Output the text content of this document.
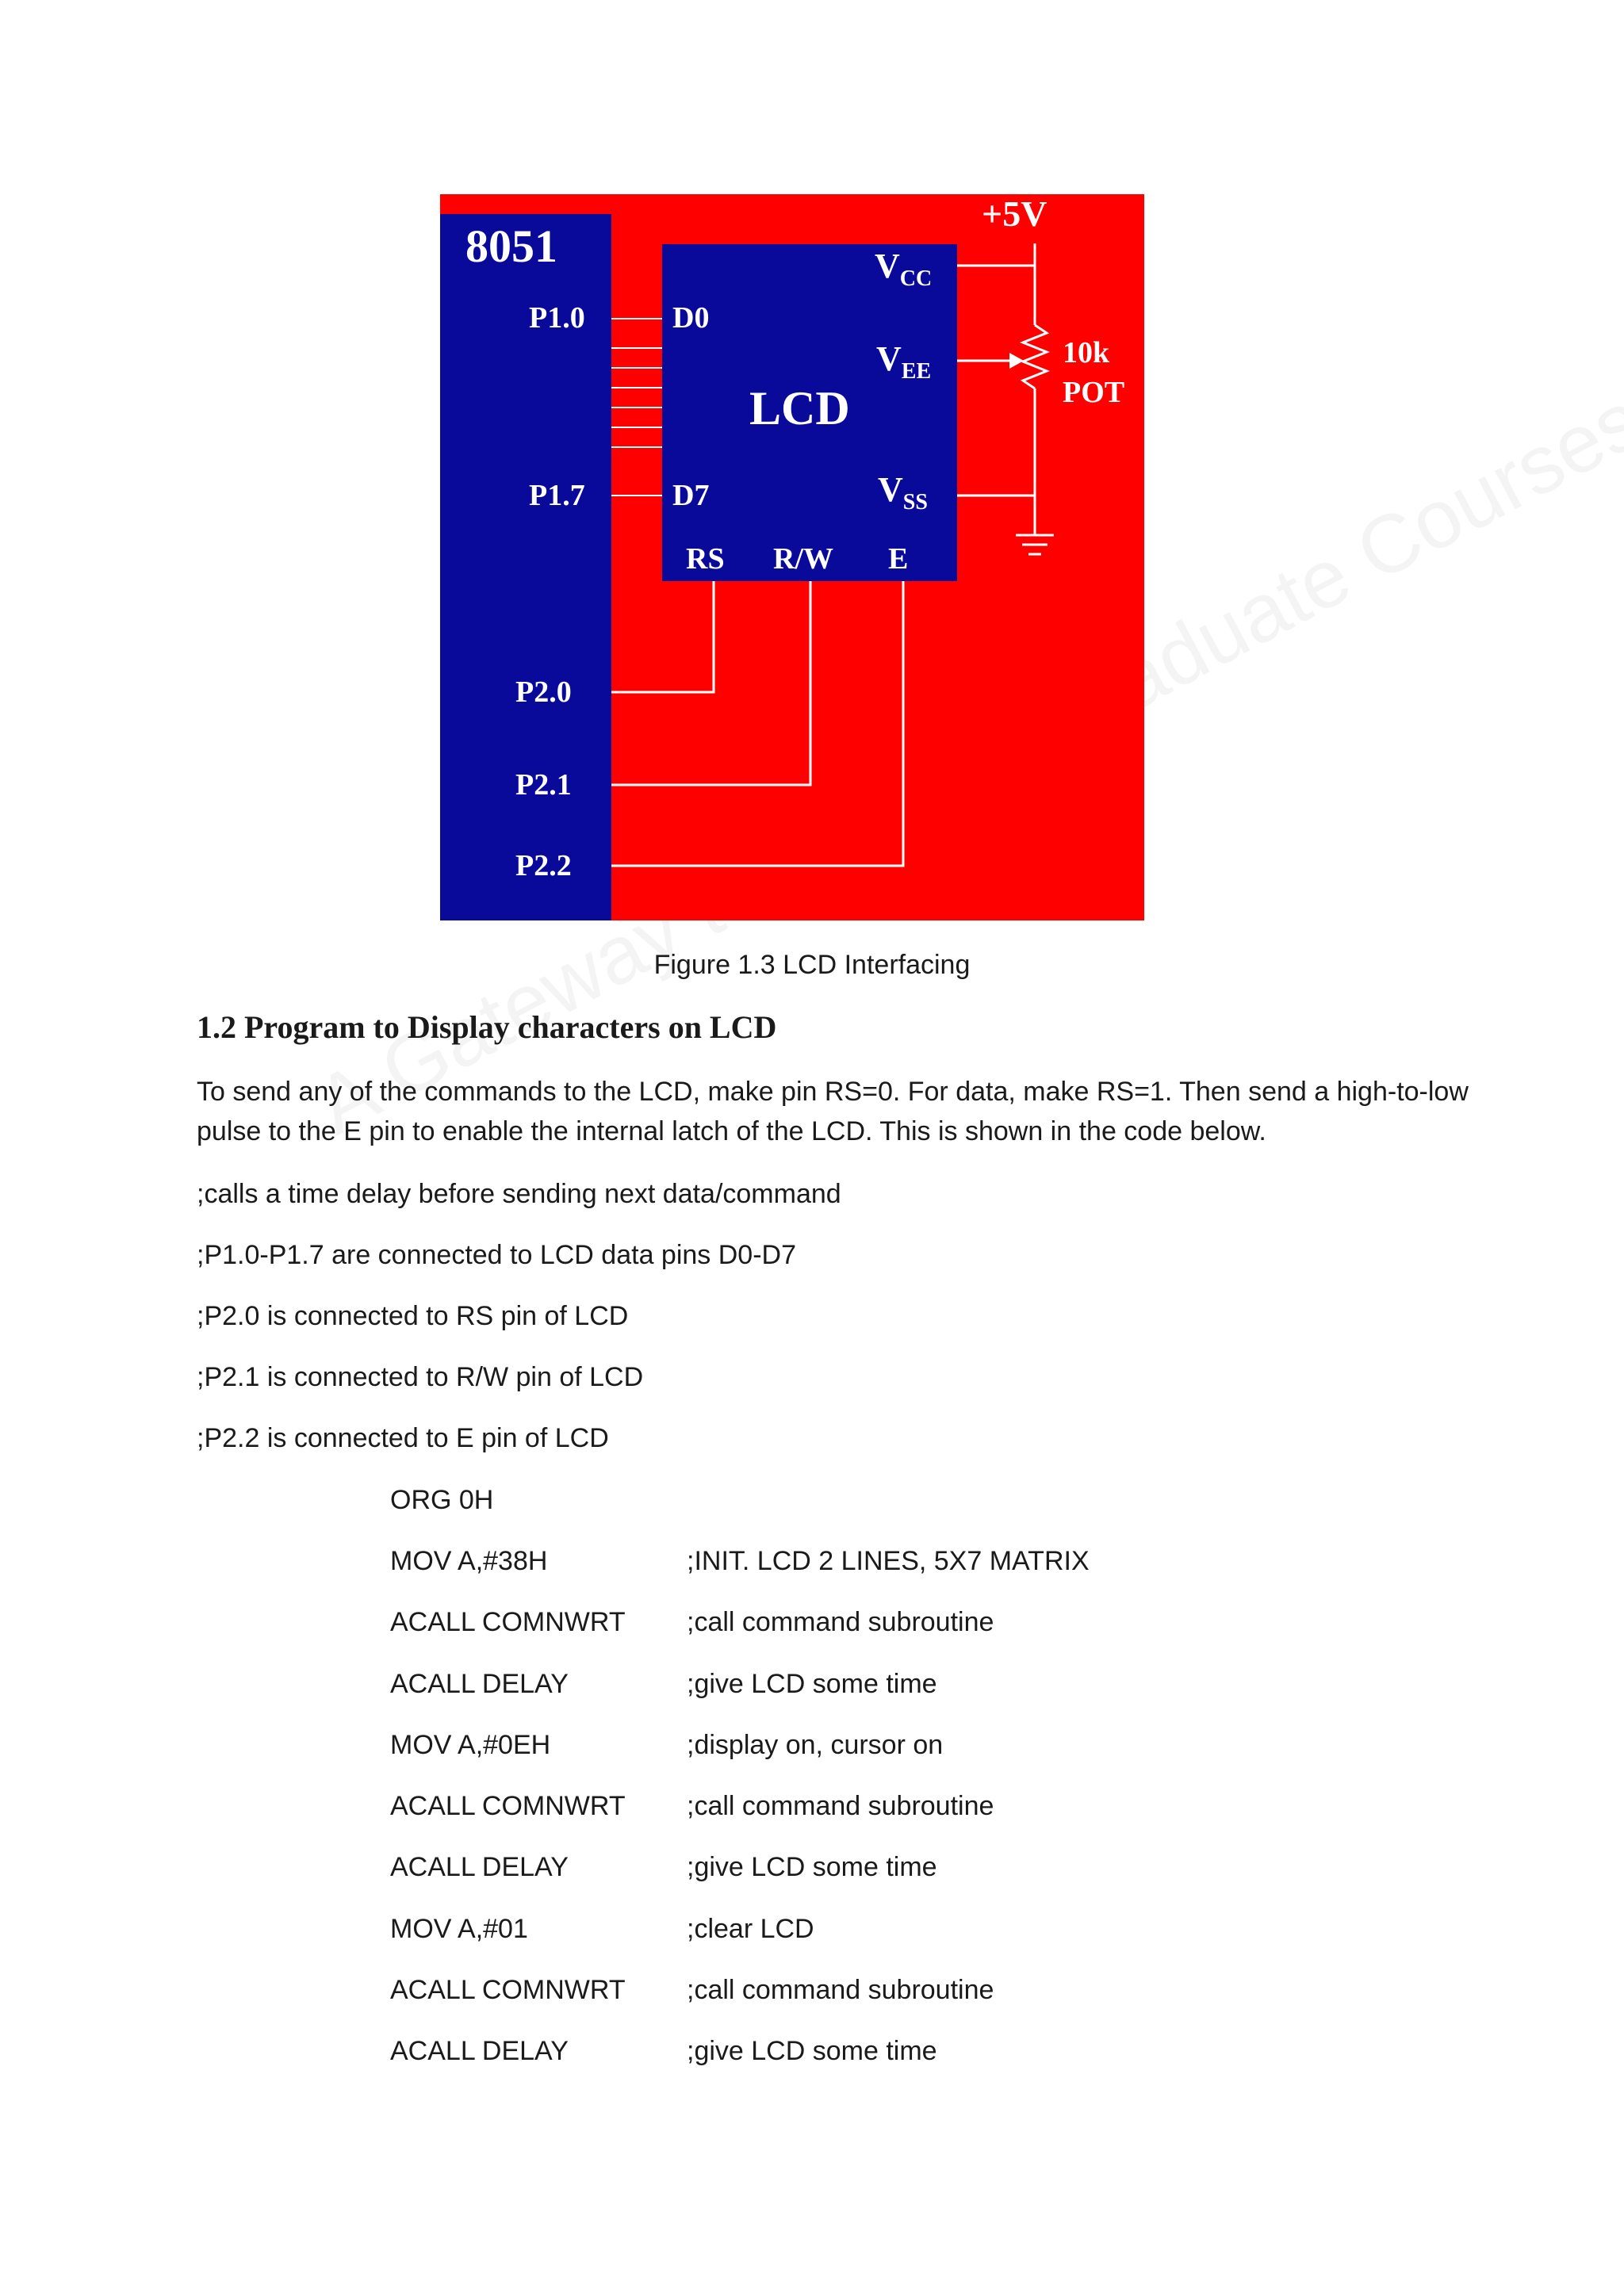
8051
P1.0
P1.7
P2.0
P2.1
P2.2
D0
D7
LCD
RS R/W E
$V_{CC}$
$V_{EE}$
$V_{SS}$
+5V
10k
POT
Figure 1.3 LCD Interfacing
1.2 Program to Display characters on LCD
To send any of the commands to the LCD, make pin RS=0. For data, make RS=1. Then send a high-to-low pulse to the E pin to enable the internal latch of the LCD. This is shown in the code below.
;calls a time delay before sending next data/command
;P1.0-P1.7 are connected to LCD data pins D0-D7
;P2.0 is connected to RS pin of LCD
;P2.1 is connected to R/W pin of LCD
;P2.2 is connected to E pin of LCD
ORG 0H
MOV A,#38H	;INIT. LCD 2 LINES, 5X7 MATRIX
ACALL COMNWRT ;call command subroutine
ACALL DELAY	;give LCD some time
MOV A,#0EH	;display on, cursor on
ACALL COMNWRT ;call command subroutine
ACALL DELAY	;give LCD some time
MOV A,#01	;clear LCD
ACALL COMNWRT ;call command subroutine
ACALL DELAY	;give LCD some time
